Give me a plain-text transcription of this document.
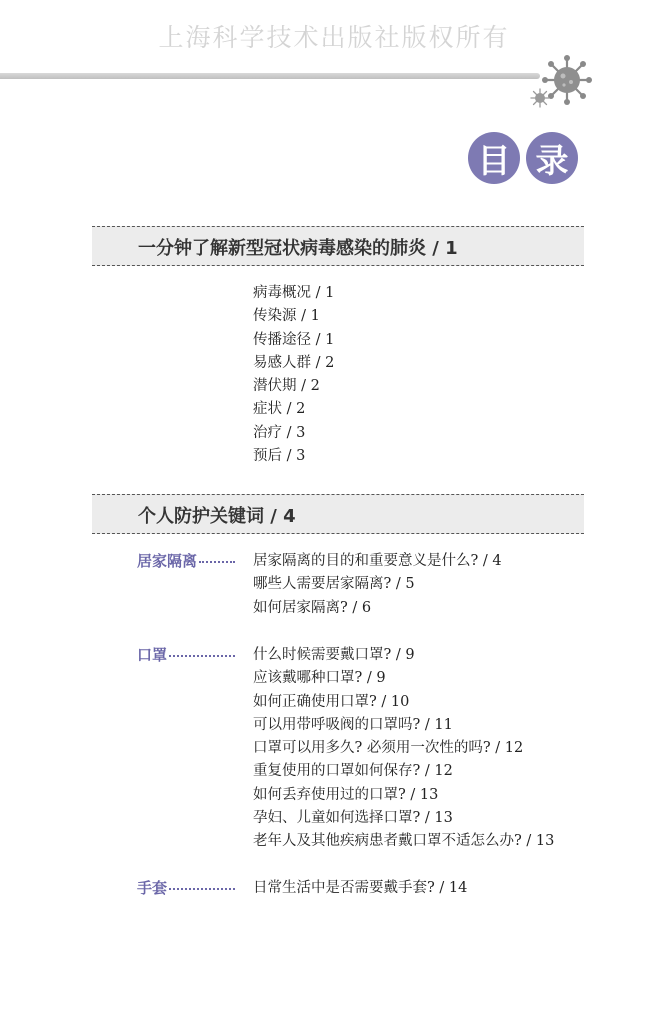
上海科学技术出版社版权所有
目 录
一分钟了解新型冠状病毒感染的肺炎 / 1
病毒概况 / 1
传染源 / 1
传播途径 / 1
易感人群 / 2
潜伏期 / 2
症状 / 2
治疗 / 3
预后 / 3
个人防护关键词 / 4
居家隔离	居家隔离的目的和重要意义是什么? / 4
哪些人需要居家隔离? / 5
如何居家隔离? / 6
口罩	什么时候需要戴口罩? / 9
应该戴哪种口罩? / 9
如何正确使用口罩? / 10
可以用带呼吸阀的口罩吗? / 11
口罩可以用多久? 必须用一次性的吗? / 12
重复使用的口罩如何保存? / 12
如何丢弃使用过的口罩? / 13
孕妇、儿童如何选择口罩? / 13
老年人及其他疾病患者戴口罩不适怎么办? / 13
手套	日常生活中是否需要戴手套? / 14
